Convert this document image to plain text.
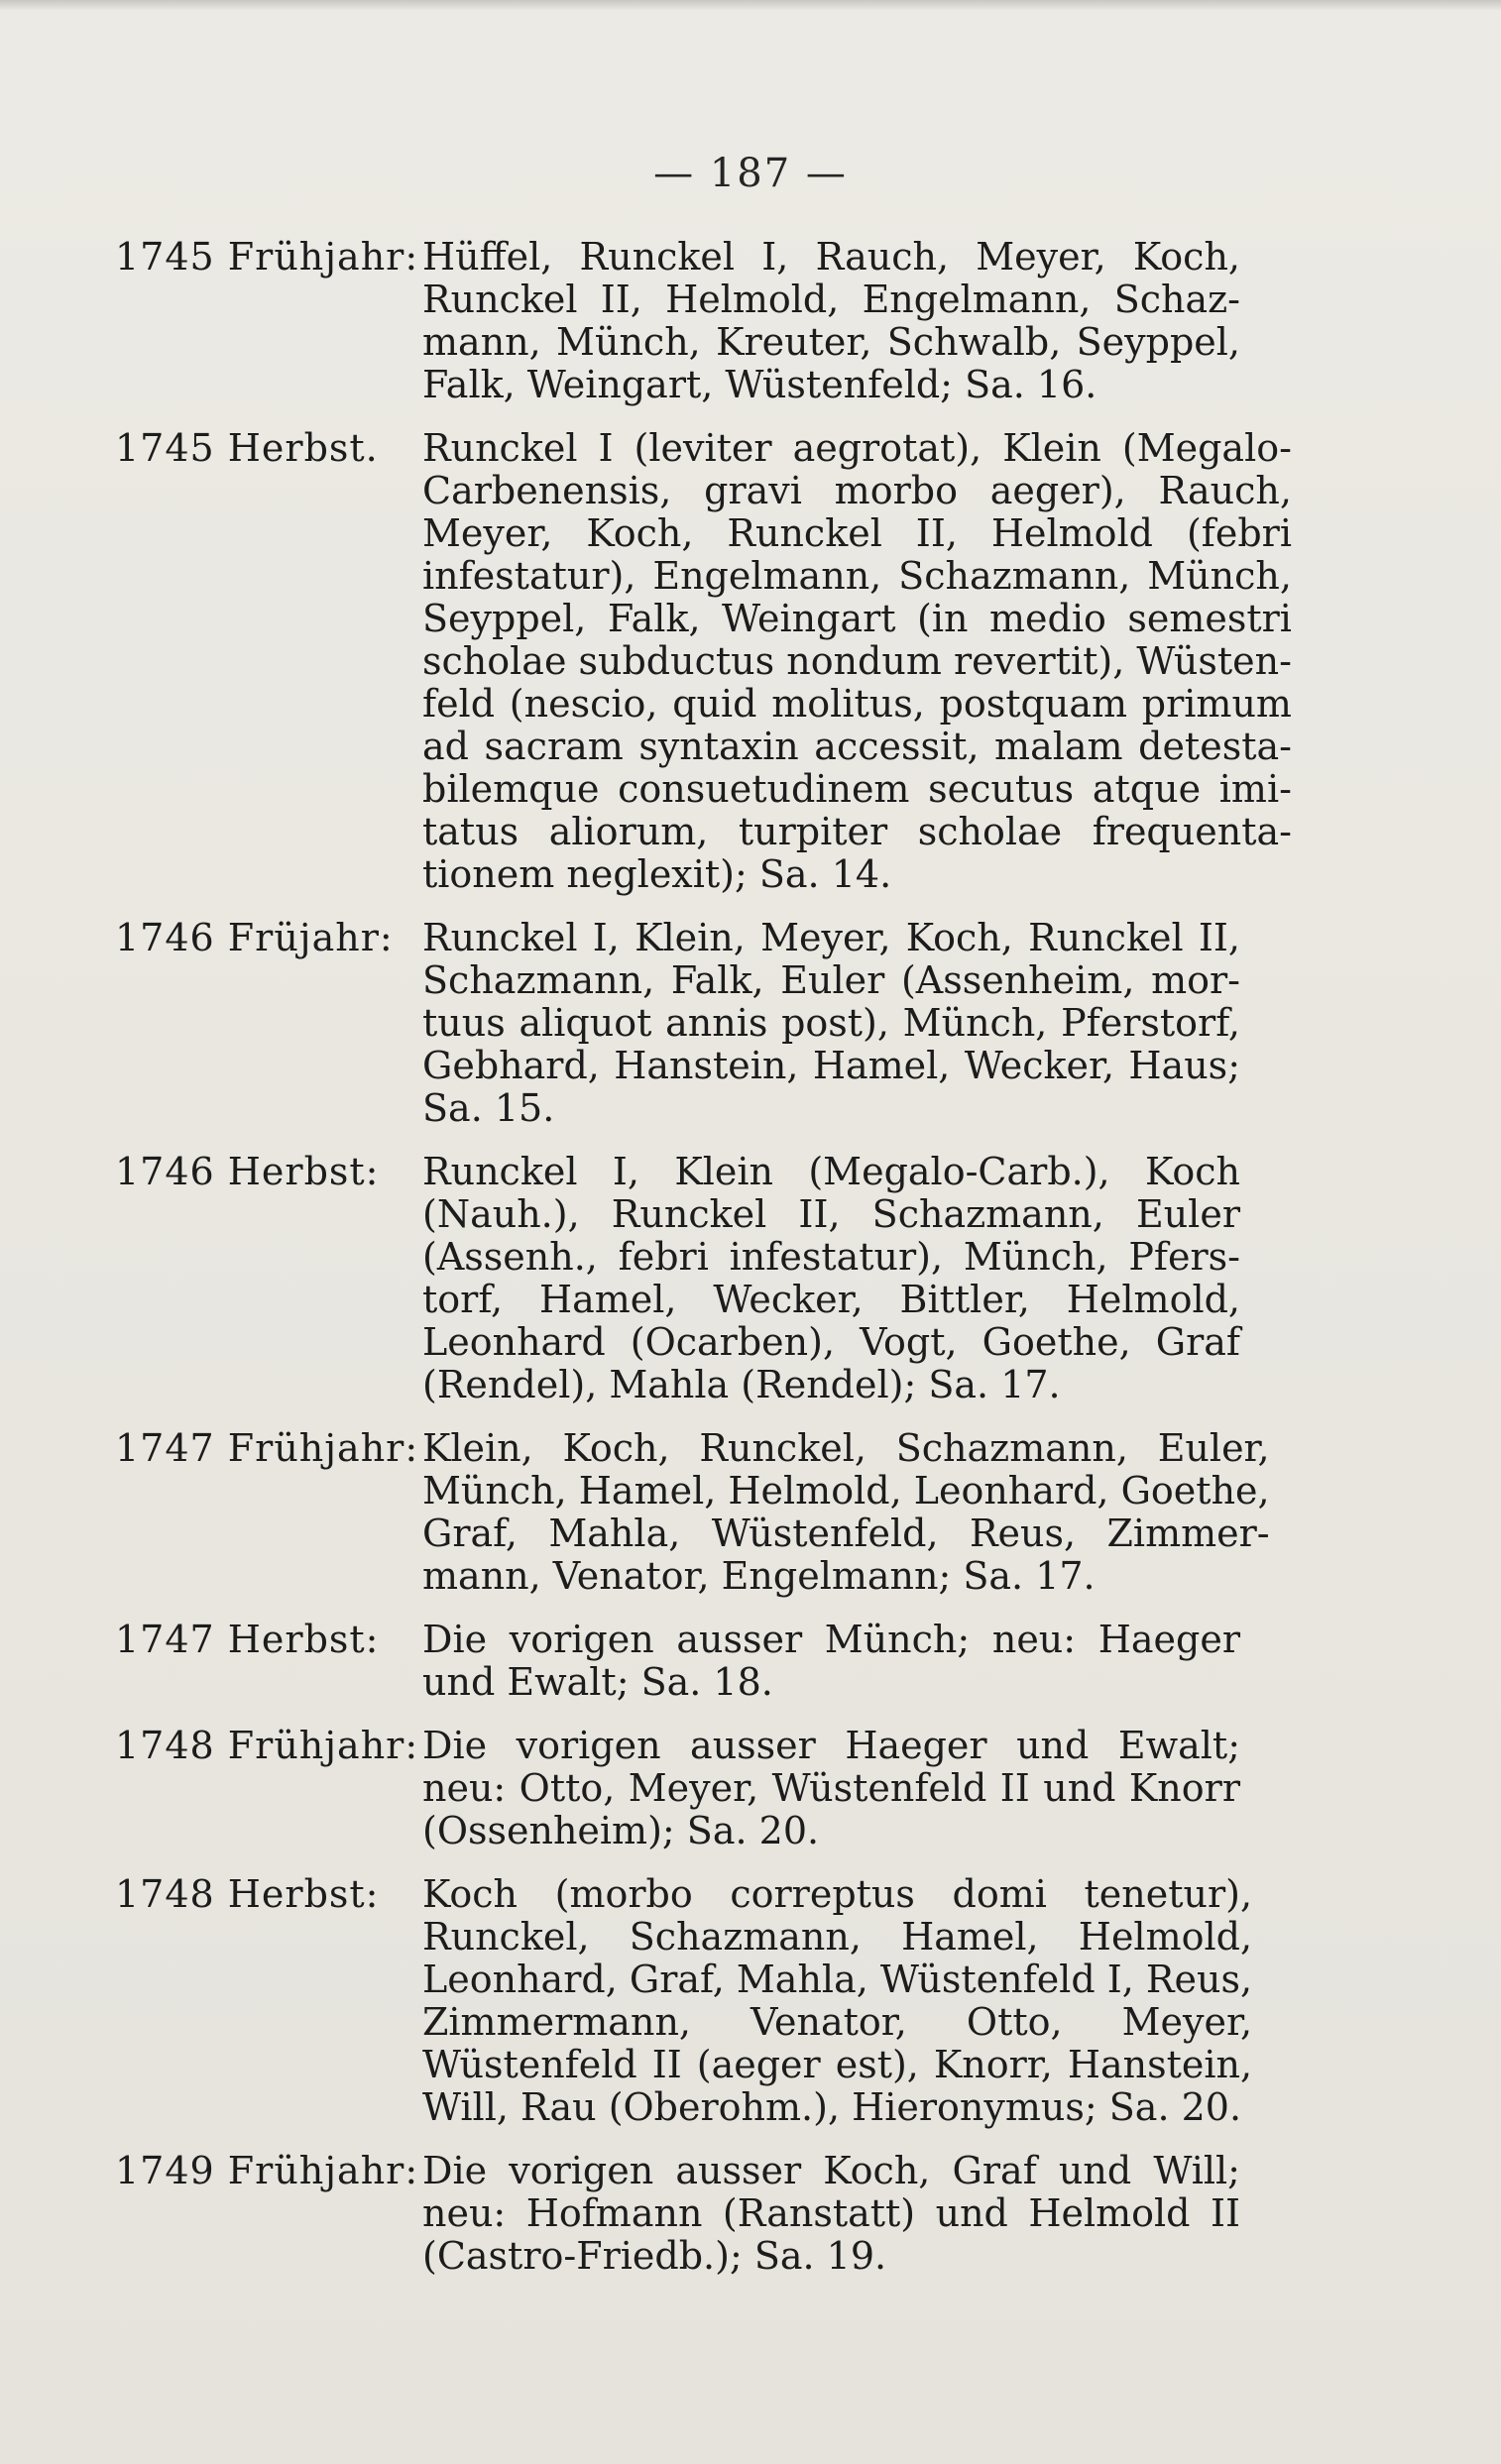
— 187 —
1745 Frühjahr: Hüffel, Runckel I, Rauch, Meyer, Koch,
Runckel II, Helmold, Engelmann, Schaz-
mann, Münch, Kreuter, Schwalb, Seyppel,
Falk, Weingart, Wüstenfeld; Sa. 16.
1745 Herbst.	Runckel I (leviter aegrotat), Klein (Megalo-
Carbenensis, gravi morbo aeger), Rauch,
Meyer, Koch, Runckel II, Helmold (febri
infestatur), Engelmann, Schazmann, Münch,
Seyppel, Falk, Weingart (in medio semestri
scholae subductus nondum revertit), Wüsten-
feld (nescio, quid molitus, postquam primum
ad sacram syntaxin accessit, malam detesta-
bilemque consuetudinem secutus atque imi-
tatus aliorum, turpiter scholae frequenta-
tionem neglexit); Sa. 14.
1746 Früjahr: Runckel I, Klein, Meyer, Koch, Runckel II,
Schazmann, Falk, Euler (Assenheim, mor-
tuus aliquot annis post), Münch, Pferstorf,
Gebhard, Hanstein, Hamel, Wecker, Haus;
Sa. 15.
1746 Herbst:	Runckel I, Klein (Megalo-Carb.), Koch
(Nauh.), Runckel II, Schazmann, Euler
(Assenh., febri infestatur), Münch, Pfers-
torf, Hamel, Wecker, Bittler, Helmold,
Leonhard (Ocarben), Vogt, Goethe, Graf
(Rendel), Mahla (Rendel); Sa. 17.
1747 Frühjahr: Klein, Koch, Runckel, Schazmann, Euler,
Münch, Hamel, Helmold, Leonhard, Goethe,
Graf, Mahla, Wüstenfeld, Reus, Zimmer-
mann, Venator, Engelmann; Sa. 17.
1747 Herbst:	Die vorigen ausser Münch; neu: Haeger
und Ewalt; Sa. 18.
1748 Frühjahr: Die vorigen ausser Haeger und Ewalt;
neu: Otto, Meyer, Wüstenfeld II und Knorr
(Ossenheim); Sa. 20.
1748 Herbst:	Koch (morbo correptus domi tenetur),
Runckel, Schazmann, Hamel, Helmold,
Leonhard, Graf, Mahla, Wüstenfeld I, Reus,
Zimmermann, Venator, Otto, Meyer,
Wüstenfeld II (aeger est), Knorr, Hanstein,
Will, Rau (Oberohm.), Hieronymus; Sa. 20.
1749 Frühjahr: Die vorigen ausser Koch, Graf und Will;
neu: Hofmann (Ranstatt) und Helmold II
(Castro-Friedb.); Sa. 19.
